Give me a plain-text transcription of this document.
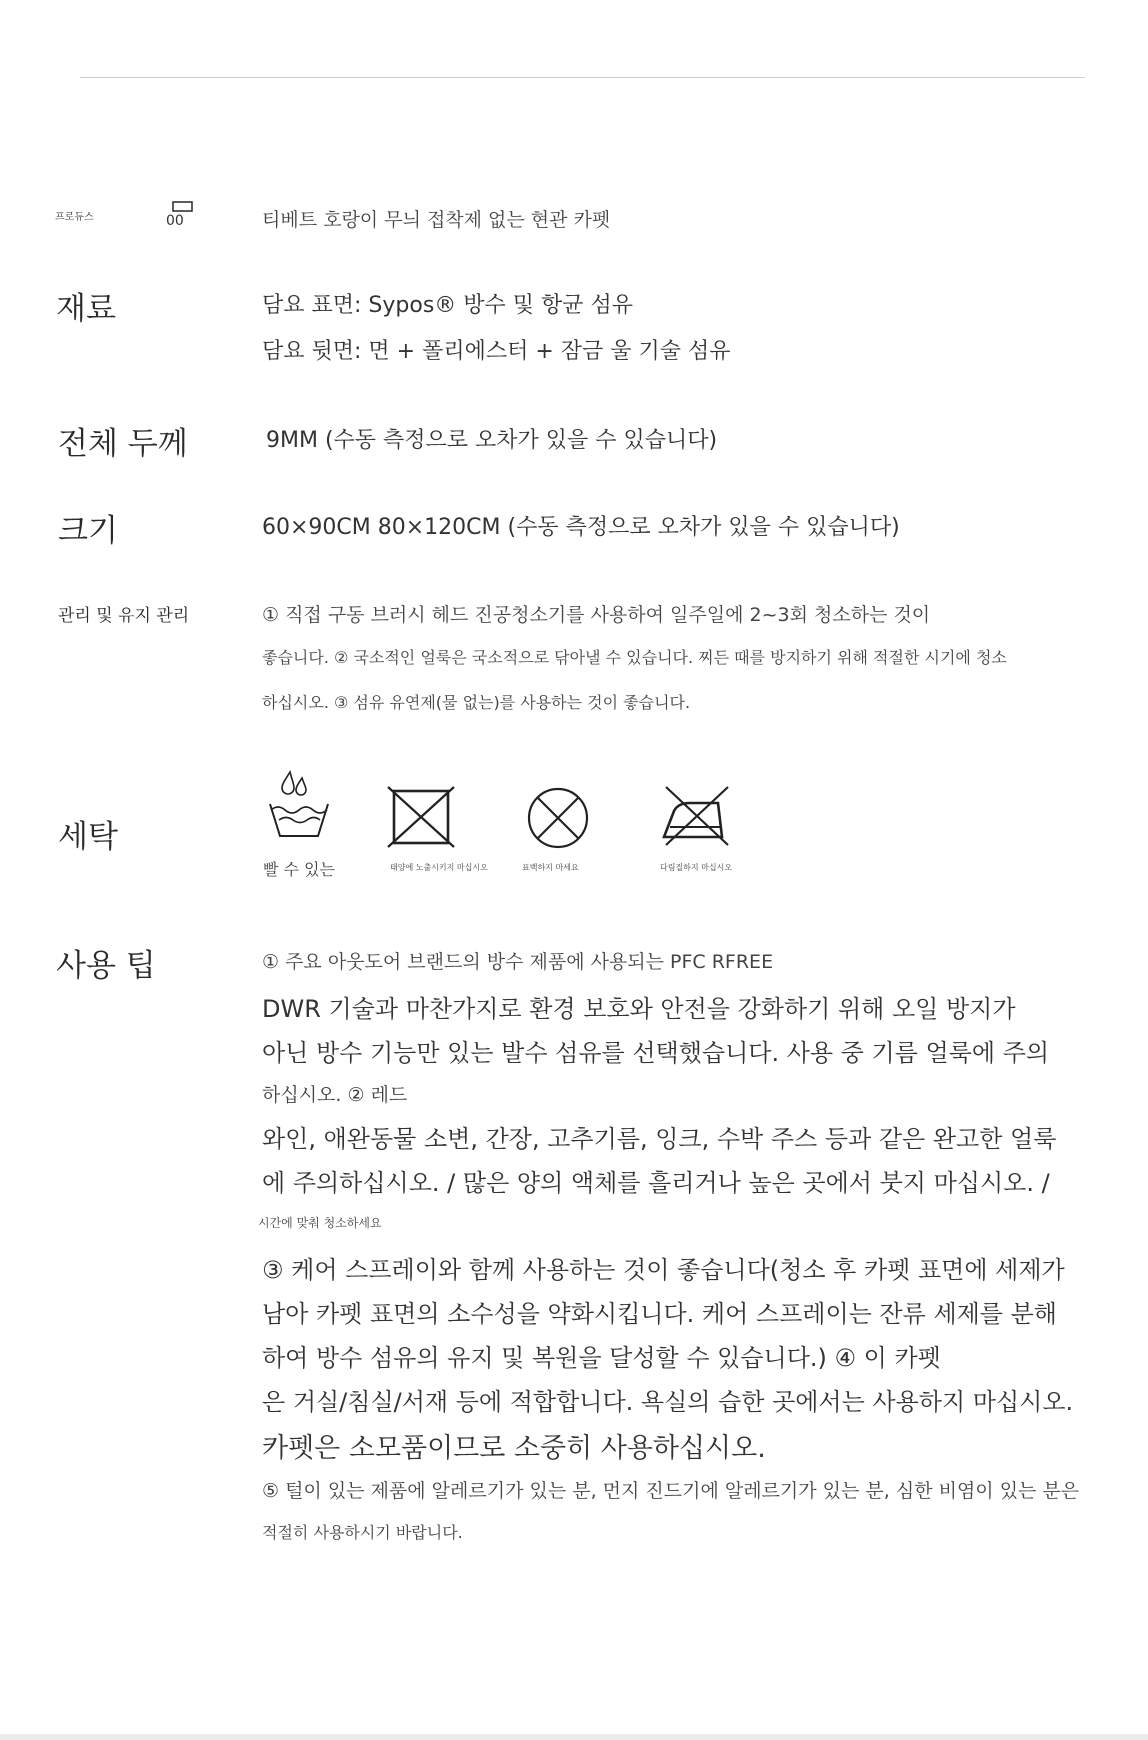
프로듀스	00	티베트 호랑이 무늬 접착제 없는 현관 카펫
재료	담요 표면: Sypos® 방수 및 항균 섬유
담요 뒷면: 면 + 폴리에스터 + 잠금 울 기술 섬유
전체 두께	9MM (수동 측정으로 오차가 있을 수 있습니다)
크기	60×90CM 80×120CM (수동 측정으로 오차가 있을 수 있습니다)
관리 및 유지 관리	① 직접 구동 브러시 헤드 진공청소기를 사용하여 일주일에 2~3회 청소하는 것이
좋습니다. ② 국소적인 얼룩은 국소적으로 닦아낼 수 있습니다. 찌든 때를 방지하기 위해 적절한 시기에 청소
하십시오. ③ 섬유 유연제(물 없는)를 사용하는 것이 좋습니다.
세탁
빨 수 있는	태양에 노출시키지 마십시오	표백하지 마세요	다림질하지 마십시오
사용 팁	① 주요 아웃도어 브랜드의 방수 제품에 사용되는 PFC RFREE
DWR 기술과 마찬가지로 환경 보호와 안전을 강화하기 위해 오일 방지가
아닌 방수 기능만 있는 발수 섬유를 선택했습니다. 사용 중 기름 얼룩에 주의
하십시오. ② 레드
와인, 애완동물 소변, 간장, 고추기름, 잉크, 수박 주스 등과 같은 완고한 얼룩
에 주의하십시오. / 많은 양의 액체를 흘리거나 높은 곳에서 붓지 마십시오. /
시간에 맞춰 청소하세요
③ 케어 스프레이와 함께 사용하는 것이 좋습니다(청소 후 카펫 표면에 세제가
남아 카펫 표면의 소수성을 약화시킵니다. 케어 스프레이는 잔류 세제를 분해
하여 방수 섬유의 유지 및 복원을 달성할 수 있습니다.) ④ 이 카펫
은 거실/침실/서재 등에 적합합니다. 욕실의 습한 곳에서는 사용하지 마십시오.
카펫은 소모품이므로 소중히 사용하십시오.
⑤ 털이 있는 제품에 알레르기가 있는 분, 먼지 진드기에 알레르기가 있는 분, 심한 비염이 있는 분은
적절히 사용하시기 바랍니다.
